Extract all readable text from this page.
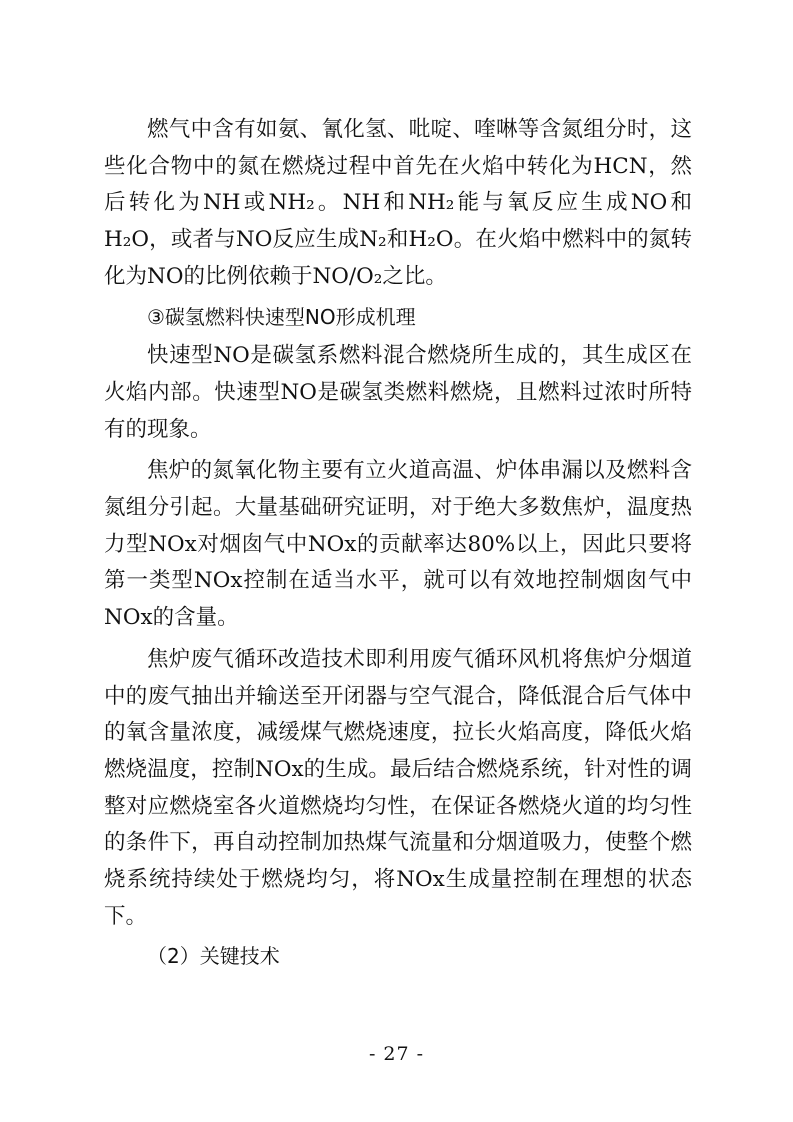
燃气中含有如氨、氰化氢、吡啶、喹啉等含氮组分时，这些化合物中的氮在燃烧过程中首先在火焰中转化为HCN，然后转化为NH或NH₂。NH和NH₂能与氧反应生成NO和H₂O，或者与NO反应生成N₂和H₂O。在火焰中燃料中的氮转化为NO的比例依赖于NO/O₂之比。

③碳氢燃料快速型NO形成机理

快速型NO是碳氢系燃料混合燃烧所生成的，其生成区在火焰内部。快速型NO是碳氢类燃料燃烧，且燃料过浓时所特有的现象。

焦炉的氮氧化物主要有立火道高温、炉体串漏以及燃料含氮组分引起。大量基础研究证明，对于绝大多数焦炉，温度热力型NOx对烟囱气中NOx的贡献率达80%以上，因此只要将第一类型NOx控制在适当水平，就可以有效地控制烟囱气中NOx的含量。

焦炉废气循环改造技术即利用废气循环风机将焦炉分烟道中的废气抽出并输送至开闭器与空气混合，降低混合后气体中的氧含量浓度，减缓煤气燃烧速度，拉长火焰高度，降低火焰燃烧温度，控制NOx的生成。最后结合燃烧系统，针对性的调整对应燃烧室各火道燃烧均匀性，在保证各燃烧火道的均匀性的条件下，再自动控制加热煤气流量和分烟道吸力，使整个燃烧系统持续处于燃烧均匀，将NOx生成量控制在理想的状态下。

（2）关键技术

- 27 -
